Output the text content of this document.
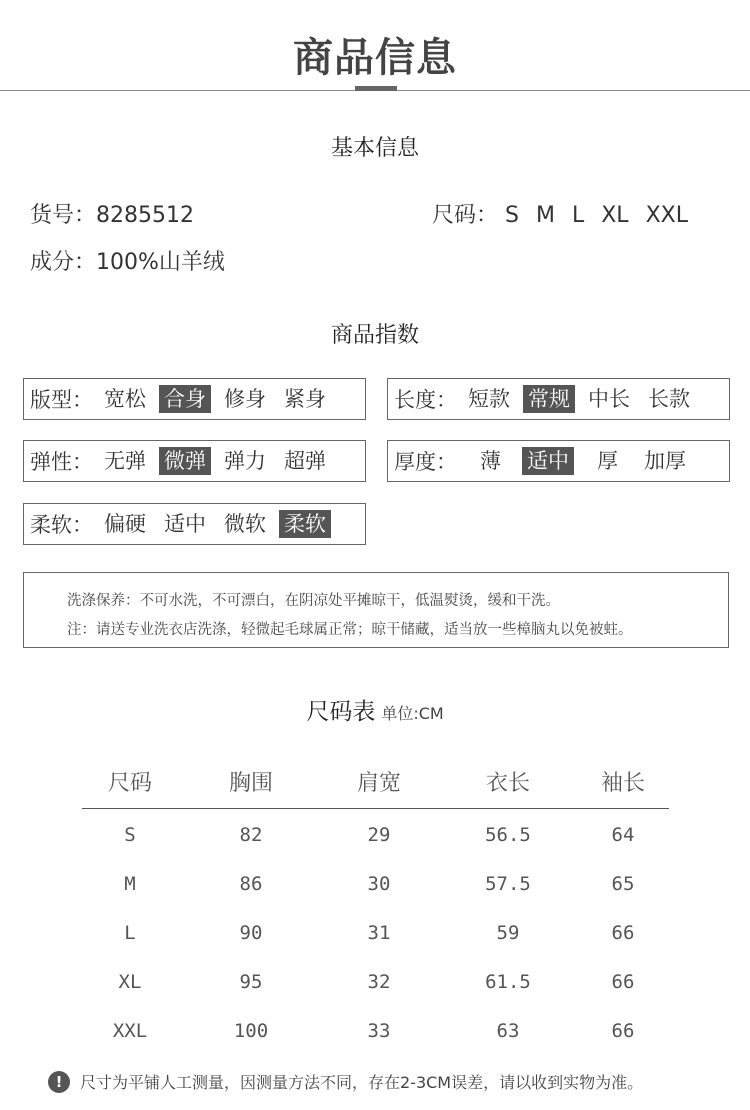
商品信息
基本信息
货号：8285512	尺码： S M L XL XXL
成分：100%山羊绒
商品指数
版型： 宽松 合身 修身 紧身	长度： 短款 常规 中长 长款
弹性： 无弹 微弹 弹力 超弹	厚度： 薄 适中 厚 加厚
柔软： 偏硬 适中 微软 柔软
洗涤保养：不可水洗，不可漂白，在阴凉处平摊晾干，低温熨烫，缓和干洗。
注：请送专业洗衣店洗涤，轻微起毛球属正常；晾干储藏，适当放一些樟脑丸以免被蛀。
尺码表 单位:CM
尺码	胸围	肩宽	衣长	袖长
S	82	29	56.5	64
M	86	30	57.5	65
L	90	31	59	66
XL	95	32	61.5	66
XXL	100	33	63	66
!	尺寸为平铺人工测量，因测量方法不同，存在2-3CM误差，请以收到实物为准。
